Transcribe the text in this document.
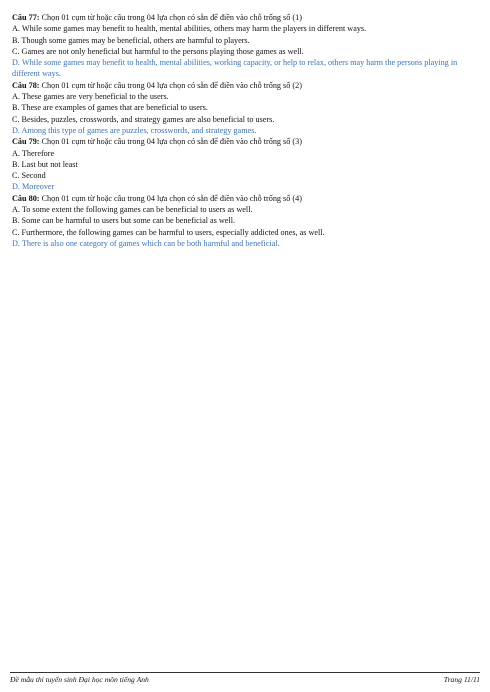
Câu 77: Chọn 01 cụm từ hoặc câu trong 04 lựa chọn có sẵn để điền vào chỗ trống số (1)

A. While some games may benefit to health, mental abilities, others may harm the players in different ways.

B. Though some games may be beneficial, others are harmful to players.

C. Games are not only beneficial but harmful to the persons playing those games as well.

D. While some games may benefit to health, mental abilities, working capacity, or help to relax, others may harm the persons playing in different ways.

Câu 78: Chọn 01 cụm từ hoặc câu trong 04 lựa chọn có sẵn để điền vào chỗ trống số (2)

A. These games are very beneficial to the users.

B. These are examples of games that are beneficial to users.

C. Besides, puzzles, crosswords, and strategy games are also beneficial to users.

D. Among this type of games are puzzles, crosswords, and strategy games.

Câu 79: Chọn 01 cụm từ hoặc câu trong 04 lựa chọn có sẵn để điền vào chỗ trống số (3)

A. Therefore

B. Last but not least

C. Second

D. Moreover

Câu 80: Chọn 01 cụm từ hoặc câu trong 04 lựa chọn có sẵn để điền vào chỗ trống số (4)

A. To some extent the following games can be beneficial to users as well.

B. Some can be harmful to users but some can be beneficial as well.

C. Furthermore, the following games can be harmful to users, especially addicted ones, as well.

D. There is also one category of games which can be both harmful and beneficial.

Đề mẫu thi tuyển sinh Đại học môn tiếng Anh	Trang 11/11
